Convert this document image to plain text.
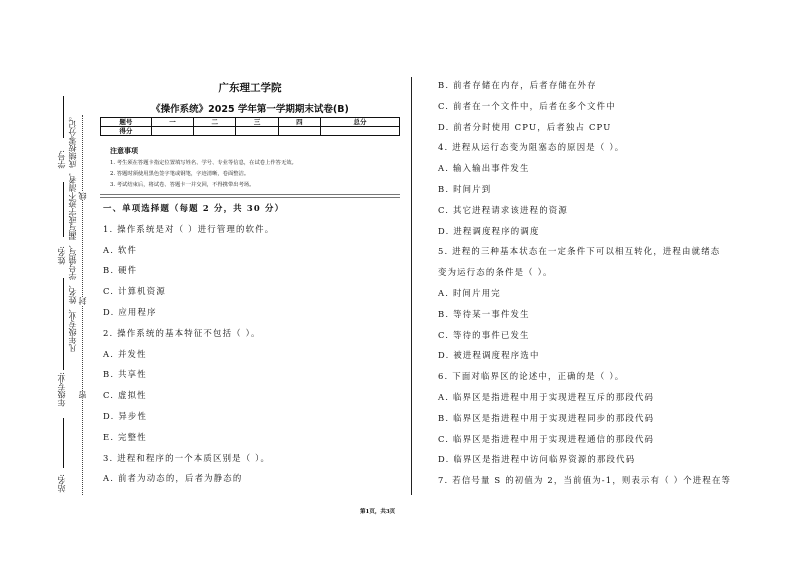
学号:
姓名:
年级专业:
站名:
凡年级专业、姓名、学号错写、漏写或字迹不清者，成绩按零分记。
密
封
线
广东理工学院
《操作系统》2025 学年第一学期期末试卷(B)
题号	一	二	三	四	总分
得分					
注意事项
1. 考生须在答题卡指定位置填写姓名、学号、专业等信息，在试卷上作答无效。
2. 答题时须使用黑色签字笔或钢笔，字迹清晰，卷面整洁。
3. 考试结束后，将试卷、答题卡一并交回，不得携带出考场。
一、单项选择题（每题 2 分，共 30 分）
1. 操作系统是对（ ）进行管理的软件。
A. 软件
B. 硬件
C. 计算机资源
D. 应用程序
2. 操作系统的基本特征不包括（ ）。
A. 并发性
B. 共享性
C. 虚拟性
D. 异步性
E. 完整性
3. 进程和程序的一个本质区别是（ ）。
A. 前者为动态的，后者为静态的
B. 前者存储在内存，后者存储在外存
C. 前者在一个文件中，后者在多个文件中
D. 前者分时使用 CPU，后者独占 CPU
4. 进程从运行态变为阻塞态的原因是（ ）。
A. 输入输出事件发生
B. 时间片到
C. 其它进程请求该进程的资源
D. 进程调度程序的调度
5. 进程的三种基本状态在一定条件下可以相互转化，进程由就绪态
变为运行态的条件是（ ）。
A. 时间片用完
B. 等待某一事件发生
C. 等待的事件已发生
D. 被进程调度程序选中
6. 下面对临界区的论述中，正确的是（ ）。
A. 临界区是指进程中用于实现进程互斥的那段代码
B. 临界区是指进程中用于实现进程同步的那段代码
C. 临界区是指进程中用于实现进程通信的那段代码
D. 临界区是指进程中访问临界资源的那段代码
7. 若信号量 S 的初值为 2，当前值为-1，则表示有（ ）个进程在等
第1页，共3页
